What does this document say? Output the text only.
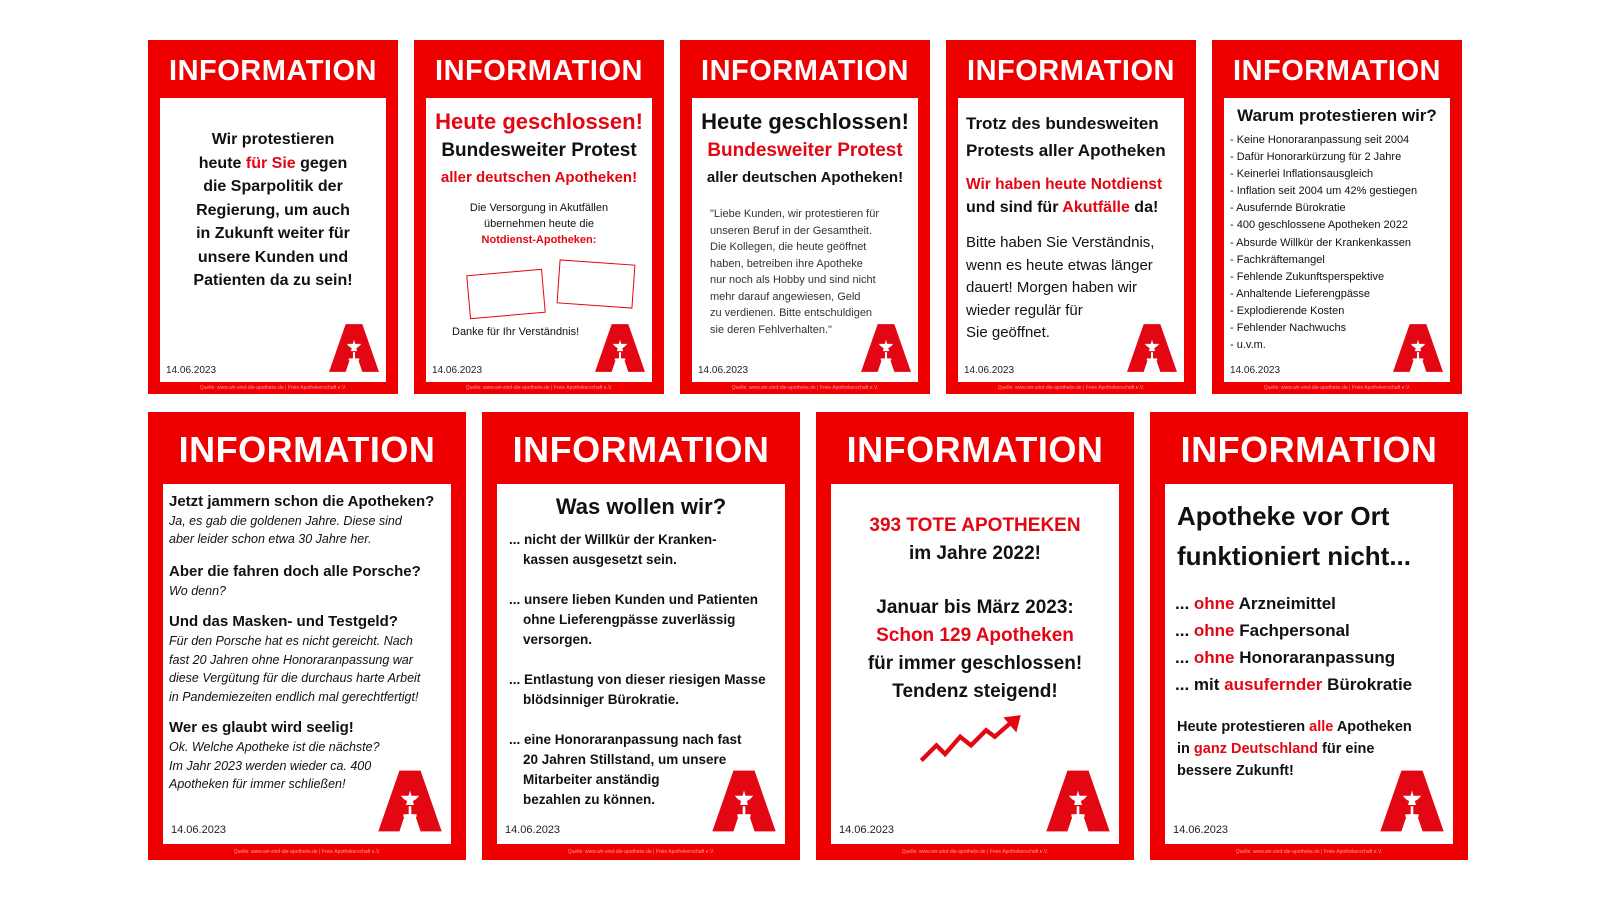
INFORMATION
Wir protestieren
heute für Sie gegen
die Sparpolitik der
Regierung, um auch
in Zukunft weiter für
unsere Kunden und
Patienten da zu sein!
14.06.2023
Quelle: www.wir-sind-die-apotheke.de | Freie Apothekerschaft e.V.
INFORMATION
Heute geschlossen!
Bundesweiter Protest
aller deutschen Apotheken!
Die Versorgung in Akutfällen
übernehmen heute die
Notdienst-Apotheken:
Danke für Ihr Verständnis!
14.06.2023
Quelle: www.wir-sind-die-apotheke.de | Freie Apothekerschaft e.V.
INFORMATION
Heute geschlossen!
Bundesweiter Protest
aller deutschen Apotheken!
"Liebe Kunden, wir protestieren für
unseren Beruf in der Gesamtheit.
Die Kollegen, die heute geöffnet
haben, betreiben ihre Apotheke
nur noch als Hobby und sind nicht
mehr darauf angewiesen, Geld
zu verdienen. Bitte entschuldigen
sie deren Fehlverhalten."
14.06.2023
Quelle: www.wir-sind-die-apotheke.de | Freie Apothekerschaft e.V.
INFORMATION
Trotz des bundesweiten
Protests aller Apotheken
Wir haben heute Notdienst
und sind für Akutfälle da!
Bitte haben Sie Verständnis,
wenn es heute etwas länger
dauert! Morgen haben wir
wieder regulär für
Sie geöffnet.
14.06.2023
Quelle: www.wir-sind-die-apotheke.de | Freie Apothekerschaft e.V.
INFORMATION
Warum protestieren wir?
- Keine Honoraranpassung seit 2004
- Dafür Honorarkürzung für 2 Jahre
- Keinerlei Inflationsausgleich
- Inflation seit 2004 um 42% gestiegen
- Ausufernde Bürokratie
- 400 geschlossene Apotheken 2022
- Absurde Willkür der Krankenkassen
- Fachkräftemangel
- Fehlende Zukunftsperspektive
- Anhaltende Lieferengpässe
- Explodierende Kosten
- Fehlender Nachwuchs
- u.v.m.
14.06.2023
Quelle: www.wir-sind-die-apotheke.de | Freie Apothekerschaft e.V.
INFORMATION
Jetzt jammern schon die Apotheken?
Ja, es gab die goldenen Jahre. Diese sind
aber leider schon etwa 30 Jahre her.
Aber die fahren doch alle Porsche?
Wo denn?
Und das Masken- und Testgeld?
Für den Porsche hat es nicht gereicht. Nach
fast 20 Jahren ohne Honoraranpassung war
diese Vergütung für die durchaus harte Arbeit
in Pandemiezeiten endlich mal gerechtfertigt!
Wer es glaubt wird seelig!
Ok. Welche Apotheke ist die nächste?
Im Jahr 2023 werden wieder ca. 400
Apotheken für immer schließen!
14.06.2023
Quelle: www.wir-sind-die-apotheke.de | Freie Apothekerschaft e.V.
INFORMATION
Was wollen wir?
... nicht der Willkür der Kranken-
kassen ausgesetzt sein.
... unsere lieben Kunden und Patienten
ohne Lieferengpässe zuverlässig
versorgen.
... Entlastung von dieser riesigen Masse
blödsinniger Bürokratie.
... eine Honoraranpassung nach fast
20 Jahren Stillstand, um unsere
Mitarbeiter anständig
bezahlen zu können.
14.06.2023
Quelle: www.wir-sind-die-apotheke.de | Freie Apothekerschaft e.V.
INFORMATION
393 TOTE APOTHEKEN
im Jahre 2022!
Januar bis März 2023:
Schon 129 Apotheken
für immer geschlossen!
Tendenz steigend!
14.06.2023
Quelle: www.wir-sind-die-apotheke.de | Freie Apothekerschaft e.V.
INFORMATION
Apotheke vor Ort
funktioniert nicht...
... ohne Arzneimittel
... ohne Fachpersonal
... ohne Honoraranpassung
... mit ausufernder Bürokratie
Heute protestieren alle Apotheken
in ganz Deutschland für eine
bessere Zukunft!
14.06.2023
Quelle: www.wir-sind-die-apotheke.de | Freie Apothekerschaft e.V.
